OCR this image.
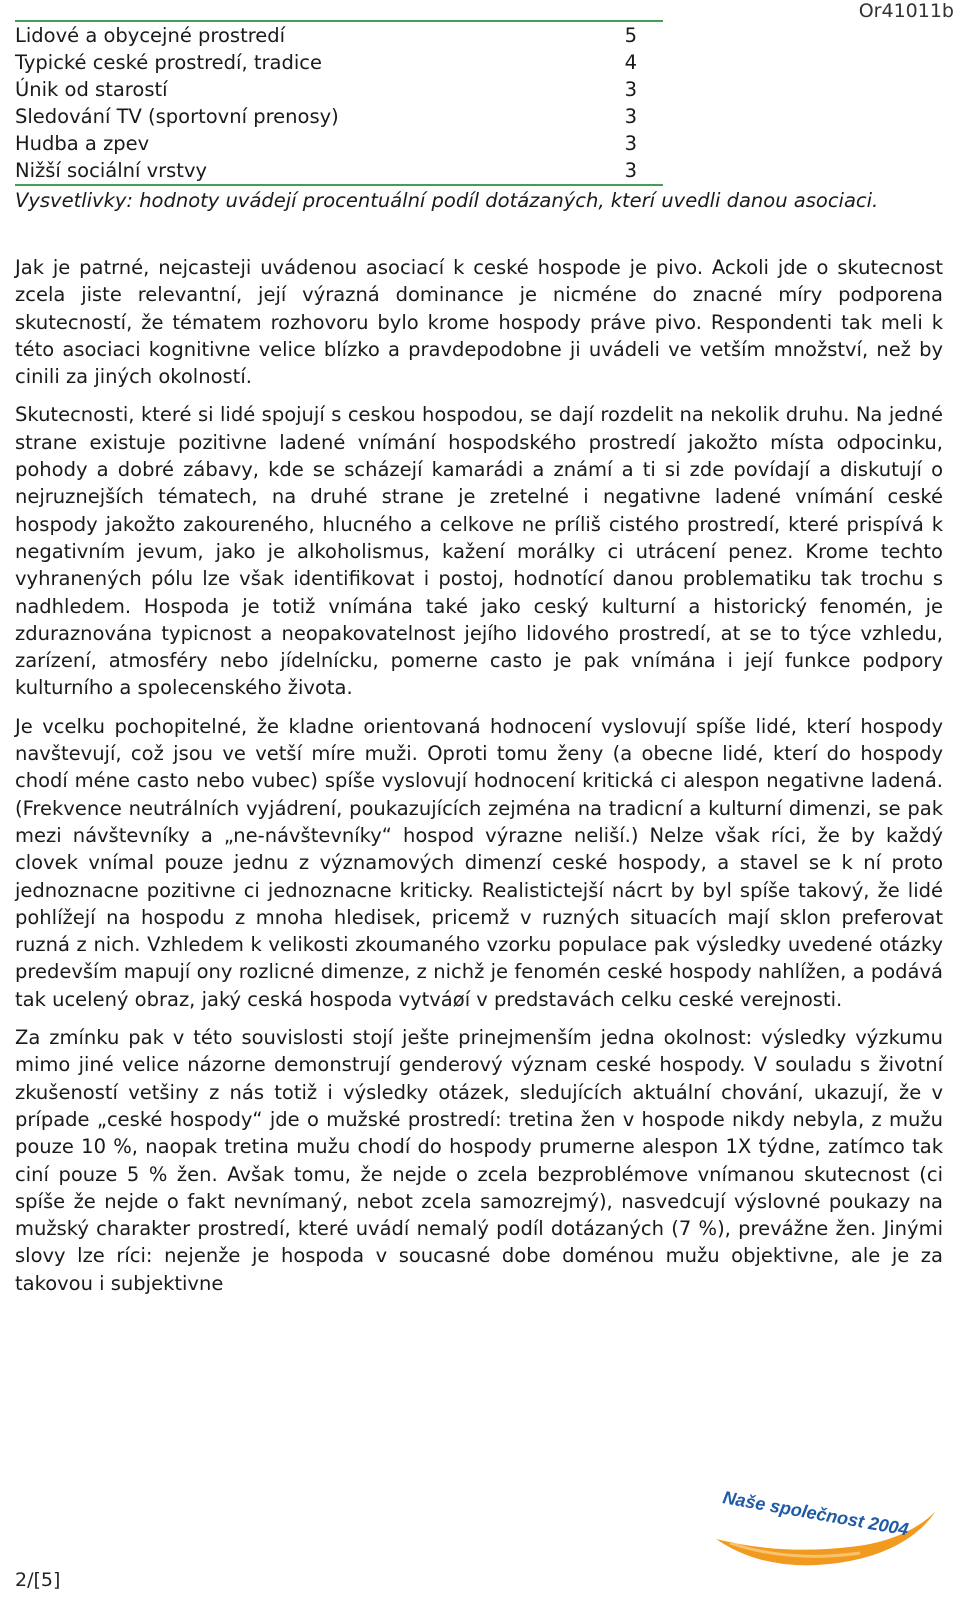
Or41011b

Lidové a obycejné prostredí	5
Typické ceské prostredí, tradice	4
Únik od starostí	3
Sledování TV (sportovní prenosy)	3
Hudba a zpev	3
Nižší sociální vrstvy	3

Vysvetlivky: hodnoty uvádejí procentuální podíl dotázaných, kterí uvedli danou asociaci.

Jak je patrné, nejcasteji uvádenou asociací k ceské hospode je pivo. Ackoli jde o skutecnost zcela jiste relevantní, její výrazná dominance je nicméne do znacné míry podporena skutecností, že tématem rozhovoru bylo krome hospody práve pivo. Respondenti tak meli k této asociaci kognitivne velice blízko a pravdepodobne ji uvádeli ve vetším množství, než by cinili za jiných okolností.

Skutecnosti, které si lidé spojují s ceskou hospodou, se dají rozdelit na nekolik druhu. Na jedné strane existuje pozitivne ladené vnímání hospodského prostredí jakožto místa odpocinku, pohody a dobré zábavy, kde se scházejí kamarádi a známí a ti si zde povídají a diskutují o nejruznejších tématech, na druhé strane je zretelné i negativne ladené vnímání ceské hospody jakožto zakoureného, hlucného a celkove ne príliš cistého prostredí, které prispívá k negativním jevum, jako je alkoholismus, kažení morálky ci utrácení penez. Krome techto vyhranených pólu lze však identifikovat i postoj, hodnotící danou problematiku tak trochu s nadhledem. Hospoda je totiž vnímána také jako ceský kulturní a historický fenomén, je zduraznována typicnost a neopakovatelnost jejího lidového prostredí, at se to týce vzhledu, zarízení, atmosféry nebo jídelnícku, pomerne casto je pak vnímána i její funkce podpory kulturního a spolecenského života.

Je vcelku pochopitelné, že kladne orientovaná hodnocení vyslovují spíše lidé, kterí hospody navštevují, což jsou ve vetší míre muži. Oproti tomu ženy (a obecne lidé, kterí do hospody chodí méne casto nebo vubec) spíše vyslovují hodnocení kritická ci alespon negativne ladená. (Frekvence neutrálních vyjádrení, poukazujících zejména na tradicní a kulturní dimenzi, se pak mezi návštevníky a „ne-návštevníky“ hospod výrazne neliší.) Nelze však ríci, že by každý clovek vnímal pouze jednu z významových dimenzí ceské hospody, a stavel se k ní proto jednoznacne pozitivne ci jednoznacne kriticky. Realistictejší nácrt by byl spíše takový, že lidé pohlížejí na hospodu z mnoha hledisek, pricemž v ruzných situacích mají sklon preferovat ruzná z nich. Vzhledem k velikosti zkoumaného vzorku populace pak výsledky uvedené otázky predevším mapují ony rozlicné dimenze, z nichž je fenomén ceské hospody nahlížen, a podává tak ucelený obraz, jaký ceská hospoda vytváøí v predstavách celku ceské verejnosti.

Za zmínku pak v této souvislosti stojí ješte prinejmenším jedna okolnost: výsledky výzkumu mimo jiné velice názorne demonstrují genderový význam ceské hospody. V souladu s životní zkušeností vetšiny z nás totiž i výsledky otázek, sledujících aktuální chování, ukazují, že v prípade „ceské hospody“ jde o mužské prostredí: tretina žen v hospode nikdy nebyla, z mužu pouze 10 %, naopak tretina mužu chodí do hospody prumerne alespon 1X týdne, zatímco tak ciní pouze 5 % žen. Avšak tomu, že nejde o zcela bezproblémove vnímanou skutecnost (ci spíše že nejde o fakt nevnímaný, nebot zcela samozrejmý), nasvedcují výslovné poukazy na mužský charakter prostredí, které uvádí nemalý podíl dotázaných (7 %), prevážne žen. Jinými slovy lze ríci: nejenže je hospoda v soucasné dobe doménou mužu objektivne, ale je za takovou i subjektivne

2/[5]
Naše společnost 2004
